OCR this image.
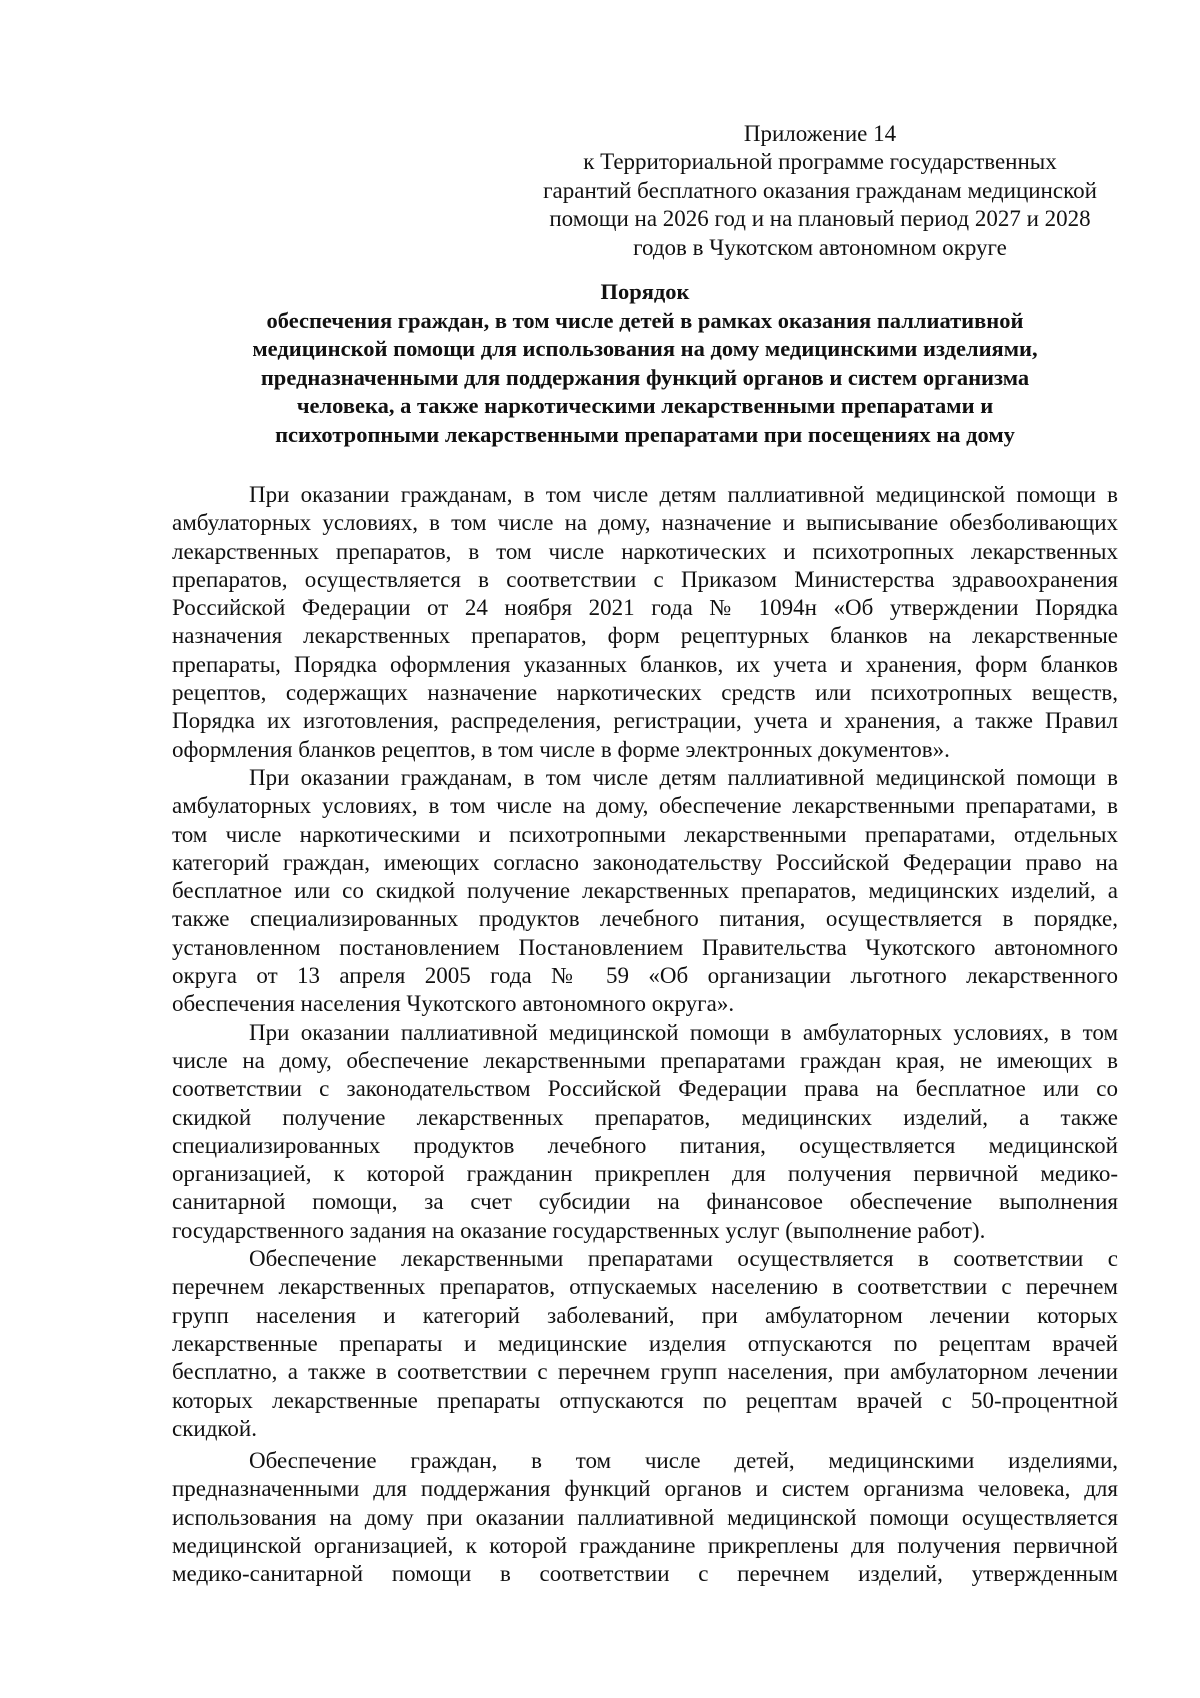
Приложение 14
к Территориальной программе государственных
гарантий бесплатного оказания гражданам медицинской
помощи на 2026 год и на плановый период 2027 и 2028
годов в Чукотском автономном округе
Порядок
обеспечения граждан, в том числе детей в рамках оказания паллиативной
медицинской помощи для использования на дому медицинскими изделиями,
предназначенными для поддержания функций органов и систем организма
человека, а также наркотическими лекарственными препаратами и
психотропными лекарственными препаратами при посещениях на дому
При оказании гражданам, в том числе детям паллиативной медицинской помощи в
амбулаторных условиях, в том числе на дому, назначение и выписывание обезболивающих
лекарственных препаратов, в том числе наркотических и психотропных лекарственных
препаратов, осуществляется в соответствии с Приказом Министерства здравоохранения
Российской Федерации от 24 ноября 2021 года № 1094н «Об утверждении Порядка
назначения лекарственных препаратов, форм рецептурных бланков на лекарственные
препараты, Порядка оформления указанных бланков, их учета и хранения, форм бланков
рецептов, содержащих назначение наркотических средств или психотропных веществ,
Порядка их изготовления, распределения, регистрации, учета и хранения, а также Правил
оформления бланков рецептов, в том числе в форме электронных документов».
При оказании гражданам, в том числе детям паллиативной медицинской помощи в
амбулаторных условиях, в том числе на дому, обеспечение лекарственными препаратами, в
том числе наркотическими и психотропными лекарственными препаратами, отдельных
категорий граждан, имеющих согласно законодательству Российской Федерации право на
бесплатное или со скидкой получение лекарственных препаратов, медицинских изделий, а
также специализированных продуктов лечебного питания, осуществляется в порядке,
установленном постановлением Постановлением Правительства Чукотского автономного
округа от 13 апреля 2005 года № 59 «Об организации льготного лекарственного
обеспечения населения Чукотского автономного округа».
При оказании паллиативной медицинской помощи в амбулаторных условиях, в том
числе на дому, обеспечение лекарственными препаратами граждан края, не имеющих в
соответствии с законодательством Российской Федерации права на бесплатное или со
скидкой получение лекарственных препаратов, медицинских изделий, а также
специализированных продуктов лечебного питания, осуществляется медицинской
организацией, к которой гражданин прикреплен для получения первичной медико-
санитарной помощи, за счет субсидии на финансовое обеспечение выполнения
государственного задания на оказание государственных услуг (выполнение работ).
Обеспечение лекарственными препаратами осуществляется в соответствии с
перечнем лекарственных препаратов, отпускаемых населению в соответствии с перечнем
групп населения и категорий заболеваний, при амбулаторном лечении которых
лекарственные препараты и медицинские изделия отпускаются по рецептам врачей
бесплатно, а также в соответствии с перечнем групп населения, при амбулаторном лечении
которых лекарственные препараты отпускаются по рецептам врачей с 50-процентной
скидкой.
Обеспечение граждан, в том числе детей, медицинскими изделиями,
предназначенными для поддержания функций органов и систем организма человека, для
использования на дому при оказании паллиативной медицинской помощи осуществляется
медицинской организацией, к которой гражданине прикреплены для получения первичной
медико-санитарной помощи в соответствии с перечнем изделий, утвержденным
